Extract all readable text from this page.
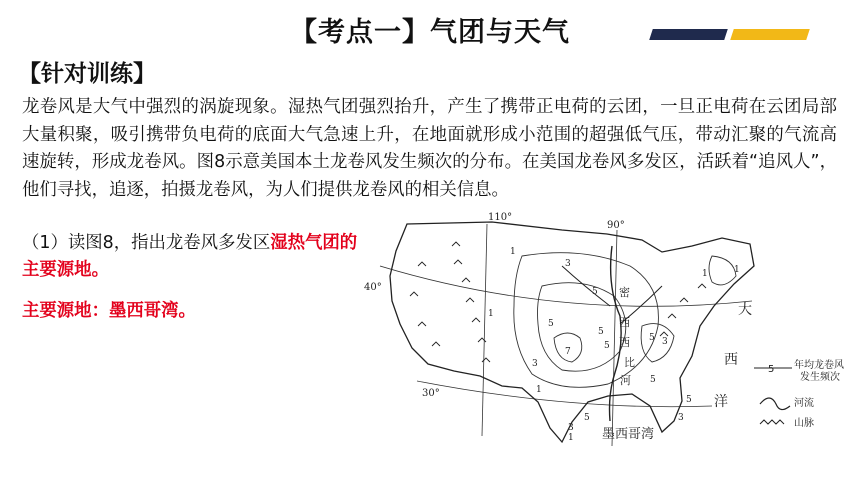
【考点一】气团与天气
【针对训练】
龙卷风是大气中强烈的涡旋现象。湿热气团强烈抬升，产生了携带正电荷的云团，一旦正电荷在云团局部大量积聚，吸引携带负电荷的底面大气急速上升，在地面就形成小范围的超强低气压，带动汇聚的气流高速旋转，形成龙卷风。图8示意美国本土龙卷风发生频次的分布。在美国龙卷风多发区，活跃着“追风人”，他们寻找，追逐，拍摄龙卷风，为人们提供龙卷风的相关信息。
（1）读图8，指出龙卷风多发区湿热气团的主要源地。
主要源地：墨西哥湾。
110°
90°
40°
30°
密
西
西
比
河
大
西
洋
墨西哥湾
1
3
5
5
7
5
5
5
3
5
3
1
1
3
1
5
1
5
3
1
5 年均龙卷风
发生频次
河流
山脉
